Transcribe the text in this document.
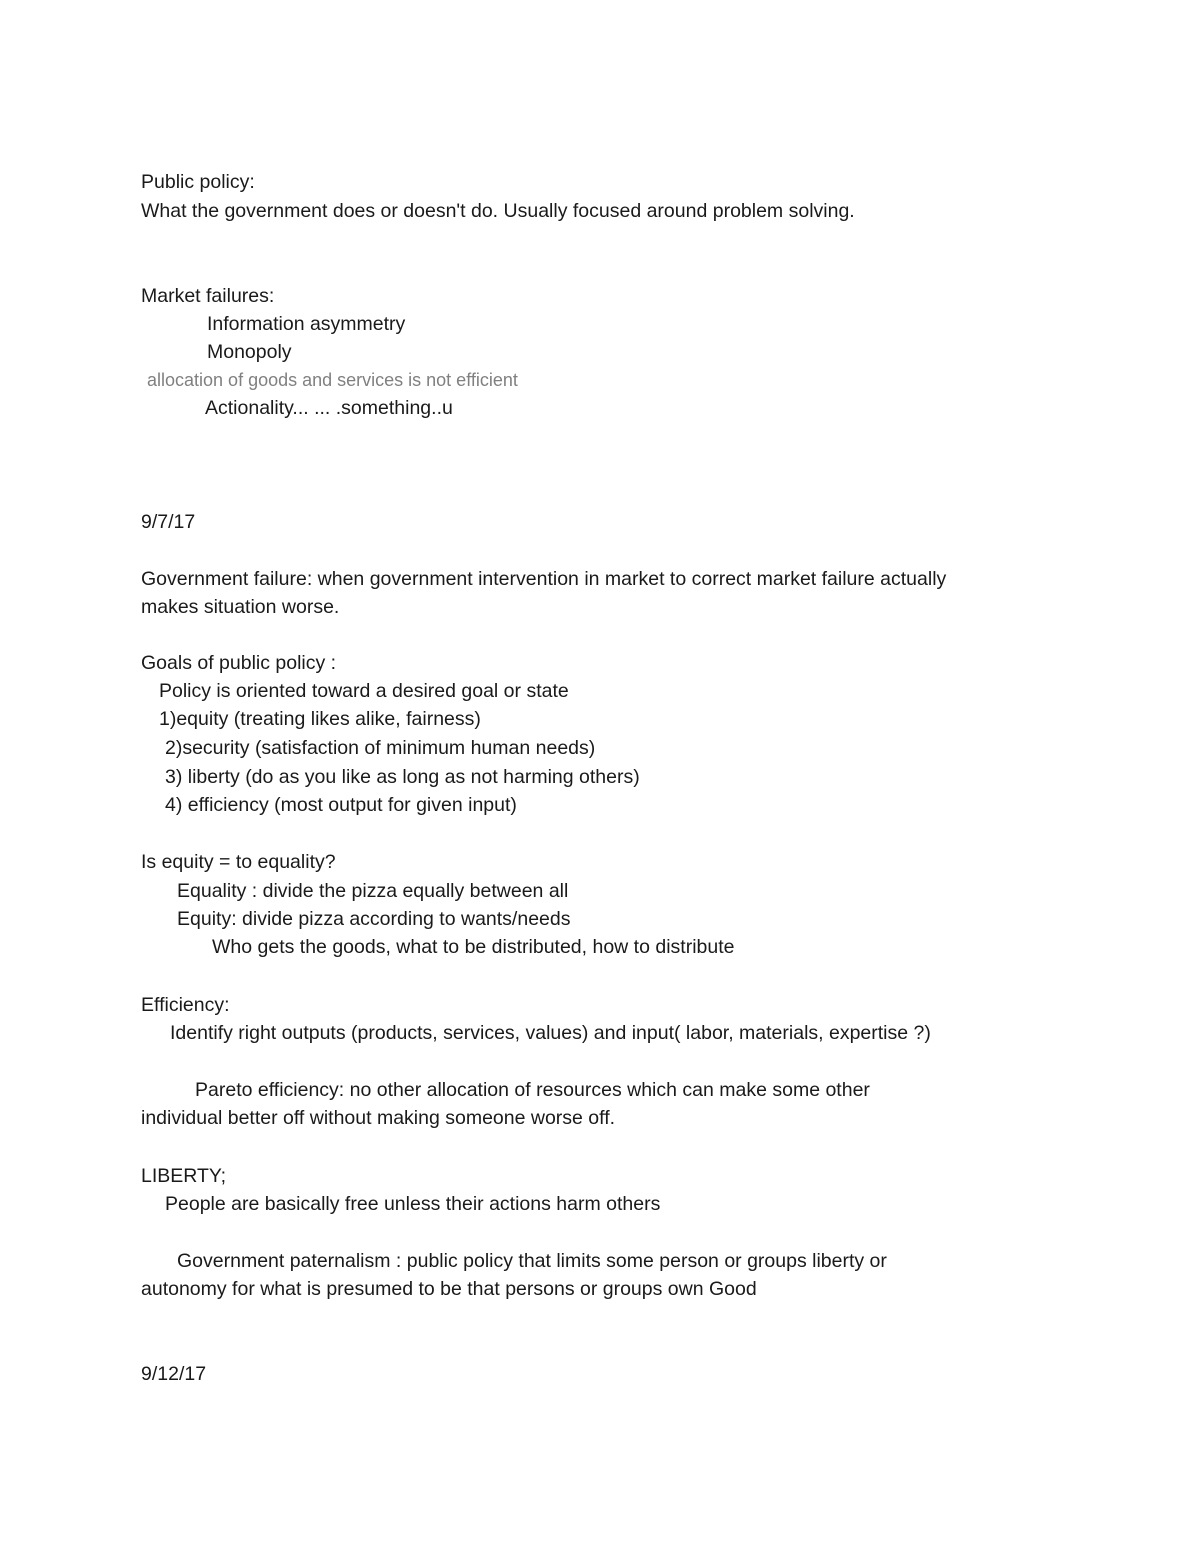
Public policy:

What the government does or doesn't do. Usually focused around problem solving.

Market failures:

Information asymmetry

Monopoly

allocation of goods and services is not efficient

Actionality... ... .something..u

9/7/17

Government failure: when government intervention in market to correct market failure actually

makes situation worse.

Goals of public policy :

Policy is oriented toward a desired goal or state

1)equity (treating likes alike, fairness)

2)security (satisfaction of minimum human needs)

3) liberty (do as you like as long as not harming others)

4) efficiency (most output for given input)

Is equity = to equality?

Equality : divide the pizza equally between all

Equity: divide pizza according to wants/needs

Who gets the goods, what to be distributed, how to distribute

Efficiency:

Identify right outputs (products, services, values) and input( labor, materials, expertise ?)

Pareto efficiency: no other allocation of resources which can make some other

individual better off without making someone worse off.

LIBERTY;

People are basically free unless their actions harm others

Government paternalism : public policy that limits some person or groups liberty or

autonomy for what is presumed to be that persons or groups own Good

9/12/17
